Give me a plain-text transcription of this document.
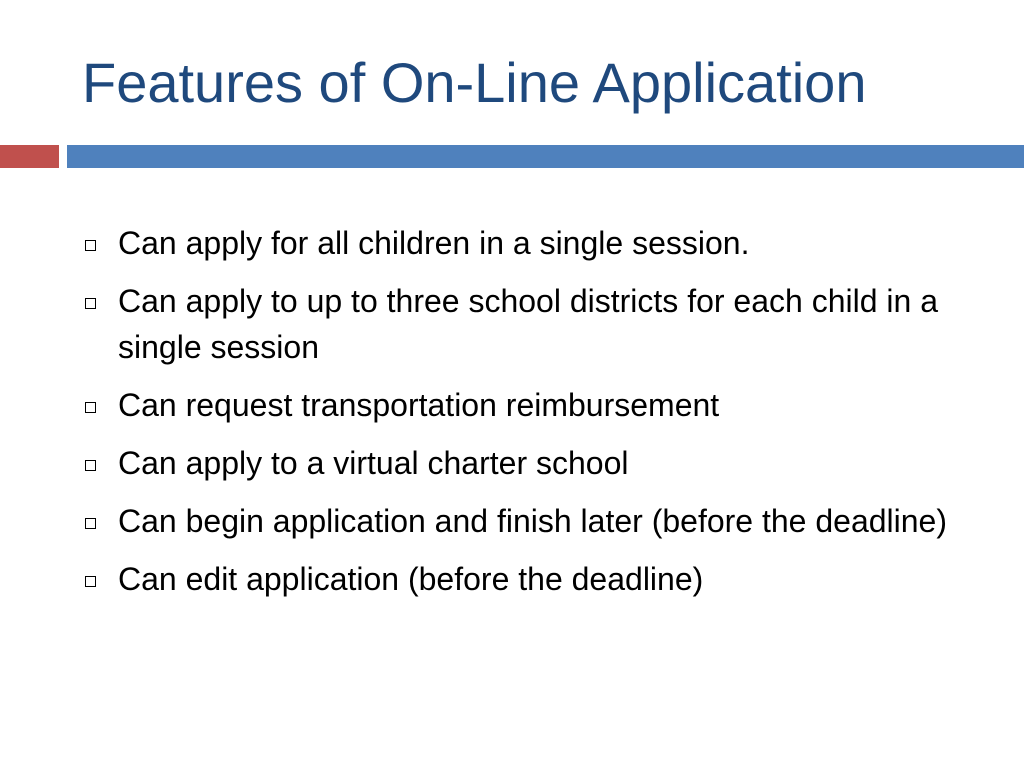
Features of On-Line Application
Can apply for all children in a single session.
Can apply to up to three school districts for each child in a single session
Can request transportation reimbursement
Can apply to a virtual charter school
Can begin application and finish later (before the deadline)
Can edit application (before the deadline)
